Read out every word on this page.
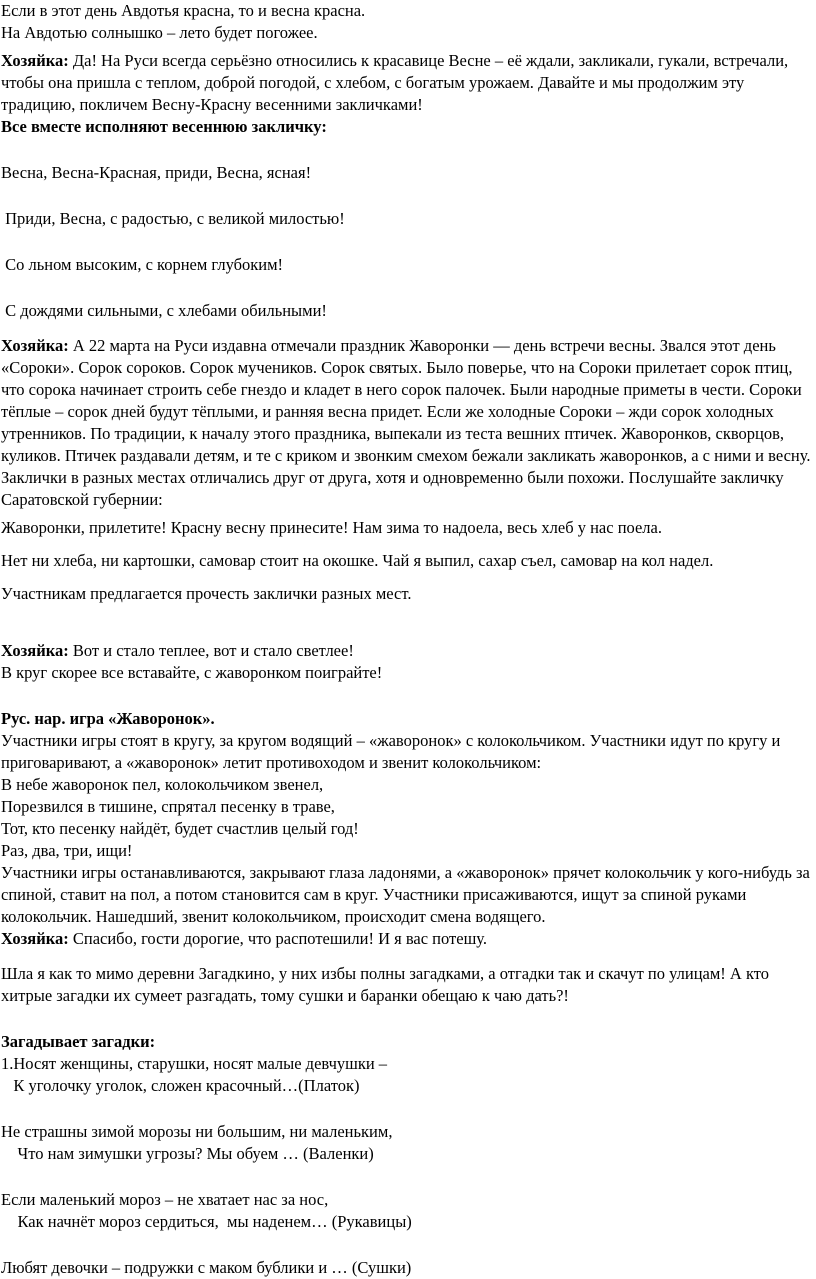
Если в этот день Авдотья красна, то и весна красна.

На Авдотью солнышко – лето будет погожее.

Хозяйка: Да! На Руси всегда серьёзно относились к красавице Весне – её ждали, закликали, гукали, встречали, чтобы она пришла с теплом, доброй погодой, с хлебом, с богатым урожаем. Давайте и мы продолжим эту традицию, покличем Весну-Красну весенними закличками!

Все вместе исполняют весеннюю закличку:

Весна, Весна-Красная, приди, Весна, ясная!

Приди, Весна, с радостью, с великой милостью!

Со льном высоким, с корнем глубоким!

С дождями сильными, с хлебами обильными!

Хозяйка: А 22 марта на Руси издавна отмечали праздник Жаворонки — день встречи весны. Звался этот день «Сороки». Сорок сороков. Сорок мучеников. Сорок святых. Было поверье, что на Сороки прилетает сорок птиц, что сорока начинает строить себе гнездо и кладет в него сорок палочек. Были народные приметы в чести. Сороки тёплые – сорок дней будут тёплыми, и ранняя весна придет. Если же холодные Сороки – жди сорок холодных утренников. По традиции, к началу этого праздника, выпекали из теста вешних птичек. Жаворонков, скворцов, куликов. Птичек раздавали детям, и те с криком и звонким смехом бежали закликать жаворонков, а с ними и весну. Заклички в разных местах отличались друг от друга, хотя и одновременно были похожи. Послушайте закличку Саратовской губернии:

Жаворонки, прилетите! Красну весну принесите! Нам зима то надоела, весь хлеб у нас поела.

Нет ни хлеба, ни картошки, самовар стоит на окошке. Чай я выпил, сахар съел, самовар на кол надел.

Участникам предлагается прочесть заклички разных мест.

Хозяйка: Вот и стало теплее, вот и стало светлее!

В круг скорее все вставайте, с жаворонком поиграйте!

Рус. нар. игра «Жаворонок».

Участники игры стоят в кругу, за кругом водящий – «жаворонок» с колокольчиком. Участники идут по кругу и приговаривают, а «жаворонок» летит противоходом и звенит колокольчиком:

В небе жаворонок пел, колокольчиком звенел,

Порезвился в тишине, спрятал песенку в траве,

Тот, кто песенку найдёт, будет счастлив целый год!

Раз, два, три, ищи!

Участники игры останавливаются, закрывают глаза ладонями, а «жаворонок» прячет колокольчик у кого-нибудь за спиной, ставит на пол, а потом становится сам в круг. Участники присаживаются, ищут за спиной руками колокольчик. Нашедший, звенит колокольчиком, происходит смена водящего.

Хозяйка: Спасибо, гости дорогие, что распотешили! И я вас потешу.

Шла я как то мимо деревни Загадкино, у них избы полны загадками, а отгадки так и скачут по улицам! А кто хитрые загадки их сумеет разгадать, тому сушки и баранки обещаю к чаю дать?!

Загадывает загадки:

1.Носят женщины, старушки, носят малые девчушки –

К уголочку уголок, сложен красочный…(Платок)

Не страшны зимой морозы ни большим, ни маленьким,

Что нам зимушки угрозы? Мы обуем … (Валенки)

Если маленький мороз – не хватает нас за нос,

Как начнёт мороз сердиться,  мы наденем… (Рукавицы)

Любят девочки – подружки с маком бублики и … (Сушки)
